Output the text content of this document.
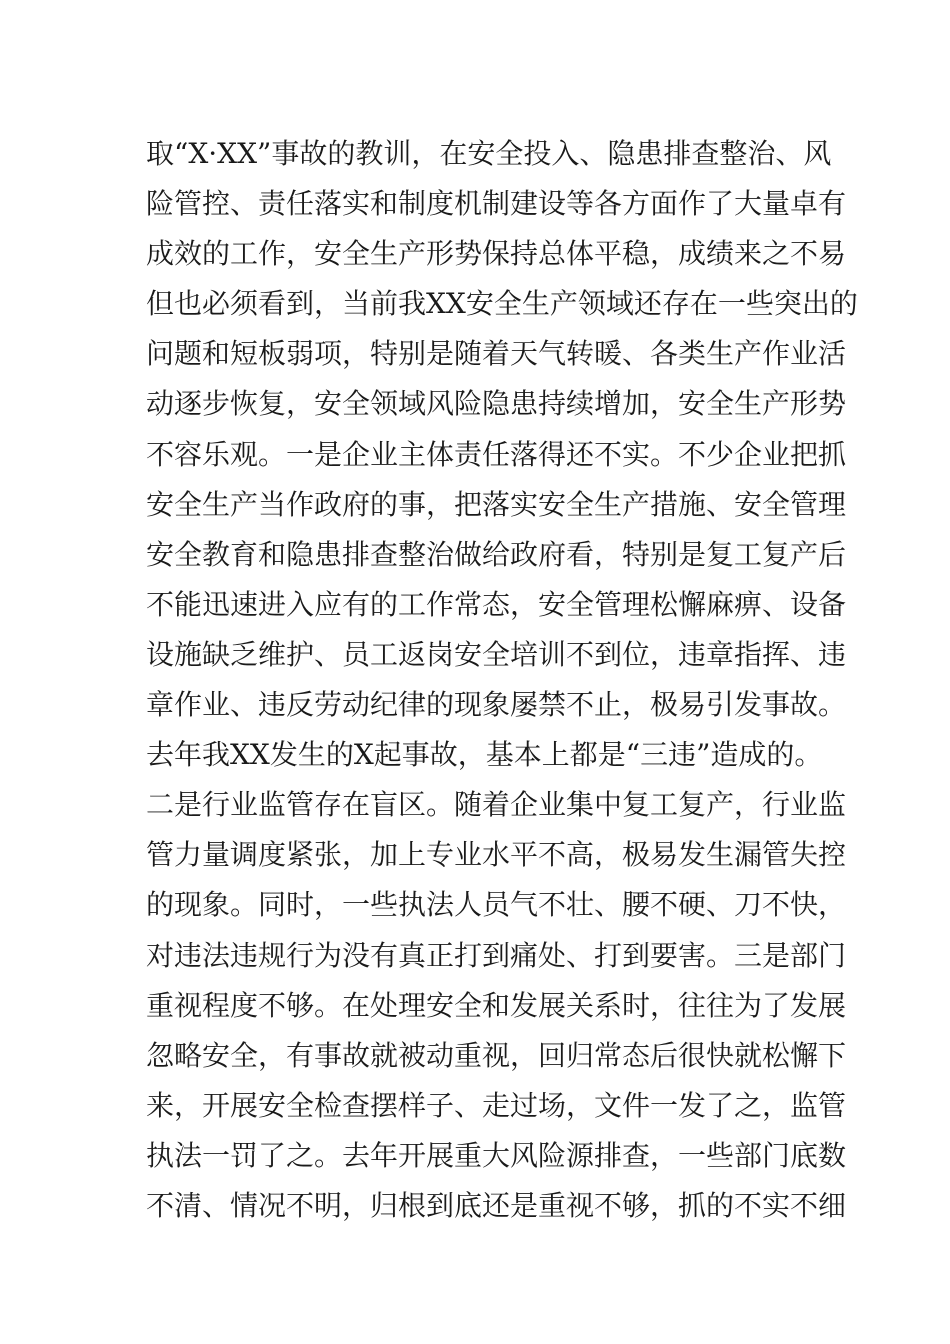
取“X·XX”事故的教训，在安全投入、隐患排查整治、风
险管控、责任落实和制度机制建设等各方面作了大量卓有
成效的工作，安全生产形势保持总体平稳，成绩来之不易
但也必须看到，当前我XX安全生产领域还存在一些突出的
问题和短板弱项，特别是随着天气转暖、各类生产作业活
动逐步恢复，安全领域风险隐患持续增加，安全生产形势
不容乐观。一是企业主体责任落得还不实。不少企业把抓
安全生产当作政府的事，把落实安全生产措施、安全管理
安全教育和隐患排查整治做给政府看，特别是复工复产后
不能迅速进入应有的工作常态，安全管理松懈麻痹、设备
设施缺乏维护、员工返岗安全培训不到位，违章指挥、违
章作业、违反劳动纪律的现象屡禁不止，极易引发事故。
去年我XX发生的X起事故，基本上都是“三违”造成的。
二是行业监管存在盲区。随着企业集中复工复产，行业监
管力量调度紧张，加上专业水平不高，极易发生漏管失控
的现象。同时，一些执法人员气不壮、腰不硬、刀不快，
对违法违规行为没有真正打到痛处、打到要害。三是部门
重视程度不够。在处理安全和发展关系时，往往为了发展
忽略安全，有事故就被动重视，回归常态后很快就松懈下
来，开展安全检查摆样子、走过场，文件一发了之，监管
执法一罚了之。去年开展重大风险源排查，一些部门底数
不清、情况不明，归根到底还是重视不够，抓的不实不细
